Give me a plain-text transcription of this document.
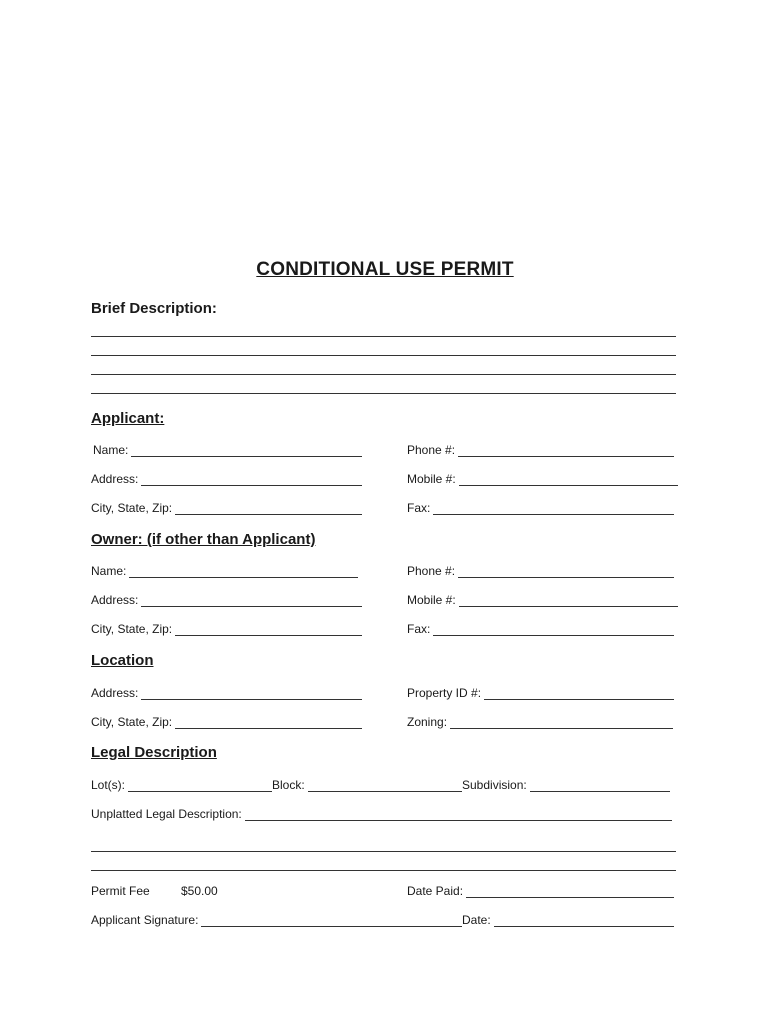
CONDITIONAL USE PERMIT
Brief Description:
Applicant:
Name:	Phone #:
Address:	Mobile #:
City, State, Zip:	Fax:
Owner: (if other than Applicant)
Name:	Phone #:
Address:	Mobile #:
City, State, Zip:	Fax:
Location
Address:	Property ID #:
City, State, Zip:	Zoning:
Legal Description
Lot(s):	Block:	Subdivision:
Unplatted Legal Description:
Permit Fee	$50.00	Date Paid:
Applicant Signature:	Date:
